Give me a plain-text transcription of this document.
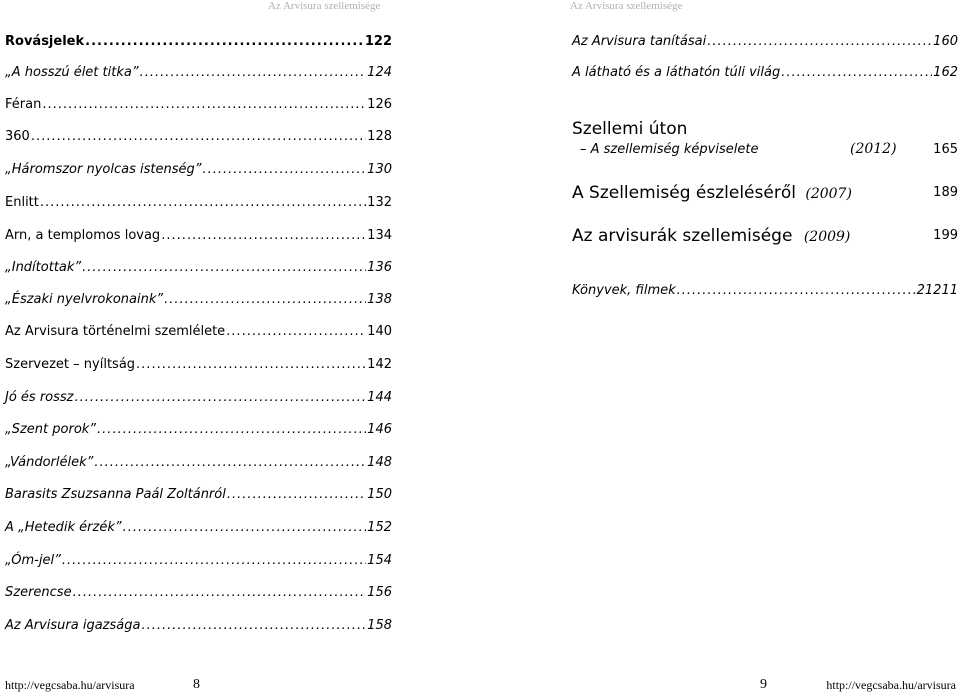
Az Arvisura szellemisége	Az Arvisura szellemisége
Rovásjelek .....	122
„A hosszú élet titka” .....	124
Féran .....	126
360 .....	128
„Háromszor nyolcas istenség” .....	130
Enlitt .....	132
Arn, a templomos lovag .....	134
„Indítottak” .....	136
„Északi nyelvrokonaink” .....	138
Az Arvisura történelmi szemlélete .....	140
Szervezet – nyíltság .....	142
Jó és rossz .....	144
„Szent porok” .....	146
„Vándorlélek” .....	148
Barasits Zsuzsanna Paál Zoltánról .....	150
A „Hetedik érzék” .....	152
„Óm-jel” .....	154
Szerencse .....	156
Az Arvisura igazsága .....	158
Az Arvisura tanításai .....	160
A látható és a láthatón túli világ .....	162
Szellemi úton
– A szellemiség képviselete	(2012)	165
A Szellemiség észleléséről (2007)	189
Az arvisurák szellemisége (2009)	199
Könyvek, filmek .....	21211
http://vegcsaba.hu/arvisura	8	9	http://vegcsaba.hu/arvisura
